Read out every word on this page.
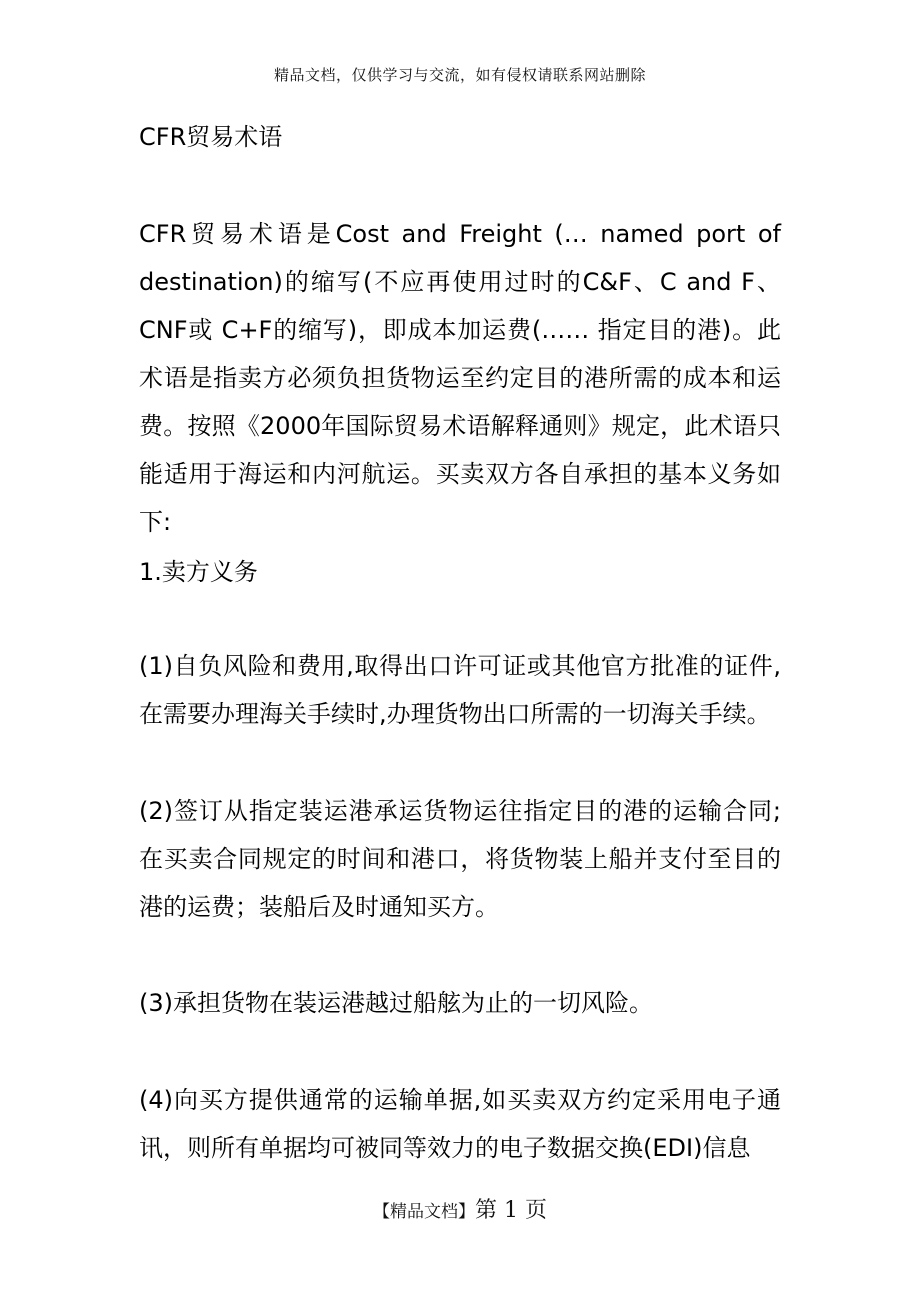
精品文档，仅供学习与交流，如有侵权请联系网站删除
CFR贸易术语
CFR贸易术语是Cost and Freight (… named port of destination)的缩写(不应再使用过时的C&F、C and F、CNF或 C+F的缩写)，即成本加运费(…… 指定目的港)。此术语是指卖方必须负担货物运至约定目的港所需的成本和运费。按照《2000年国际贸易术语解释通则》规定，此术语只能适用于海运和内河航运。买卖双方各自承担的基本义务如下:
1.卖方义务
(1)自负风险和费用,取得出口许可证或其他官方批准的证件,在需要办理海关手续时,办理货物出口所需的一切海关手续。
(2)签订从指定装运港承运货物运往指定目的港的运输合同;在买卖合同规定的时间和港口，将货物装上船并支付至目的港的运费；装船后及时通知买方。
(3)承担货物在装运港越过船舷为止的一切风险。
(4)向买方提供通常的运输单据,如买卖双方约定采用电子通讯，则所有单据均可被同等效力的电子数据交换(EDI)信息
【精品文档】第 1 页
